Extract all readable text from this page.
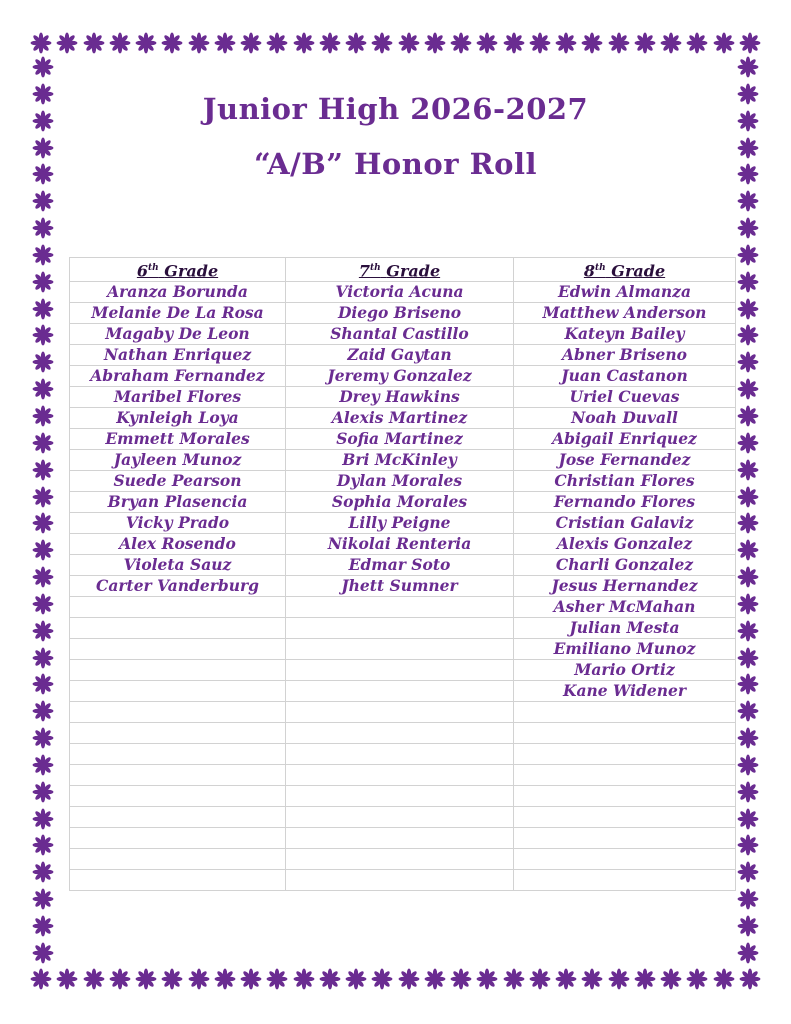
Junior High 2026-2027
“A/B” Honor Roll
6th Grade	7th Grade	8th Grade
Aranza Borunda	Victoria Acuna	Edwin Almanza
Melanie De La Rosa	Diego Briseno	Matthew Anderson
Magaby De Leon	Shantal Castillo	Kateyn Bailey
Nathan Enriquez	Zaid Gaytan	Abner Briseno
Abraham Fernandez	Jeremy Gonzalez	Juan Castanon
Maribel Flores	Drey Hawkins	Uriel Cuevas
Kynleigh Loya	Alexis Martinez	Noah Duvall
Emmett Morales	Sofia Martinez	Abigail Enriquez
Jayleen Munoz	Bri McKinley	Jose Fernandez
Suede Pearson	Dylan Morales	Christian Flores
Bryan Plasencia	Sophia Morales	Fernando Flores
Vicky Prado	Lilly Peigne	Cristian Galaviz
Alex Rosendo	Nikolai Renteria	Alexis Gonzalez
Violeta Sauz	Edmar Soto	Charli Gonzalez
Carter Vanderburg	Jhett Sumner	Jesus Hernandez
		Asher McMahan
		Julian Mesta
		Emiliano Munoz
		Mario Ortiz
		Kane Widener
